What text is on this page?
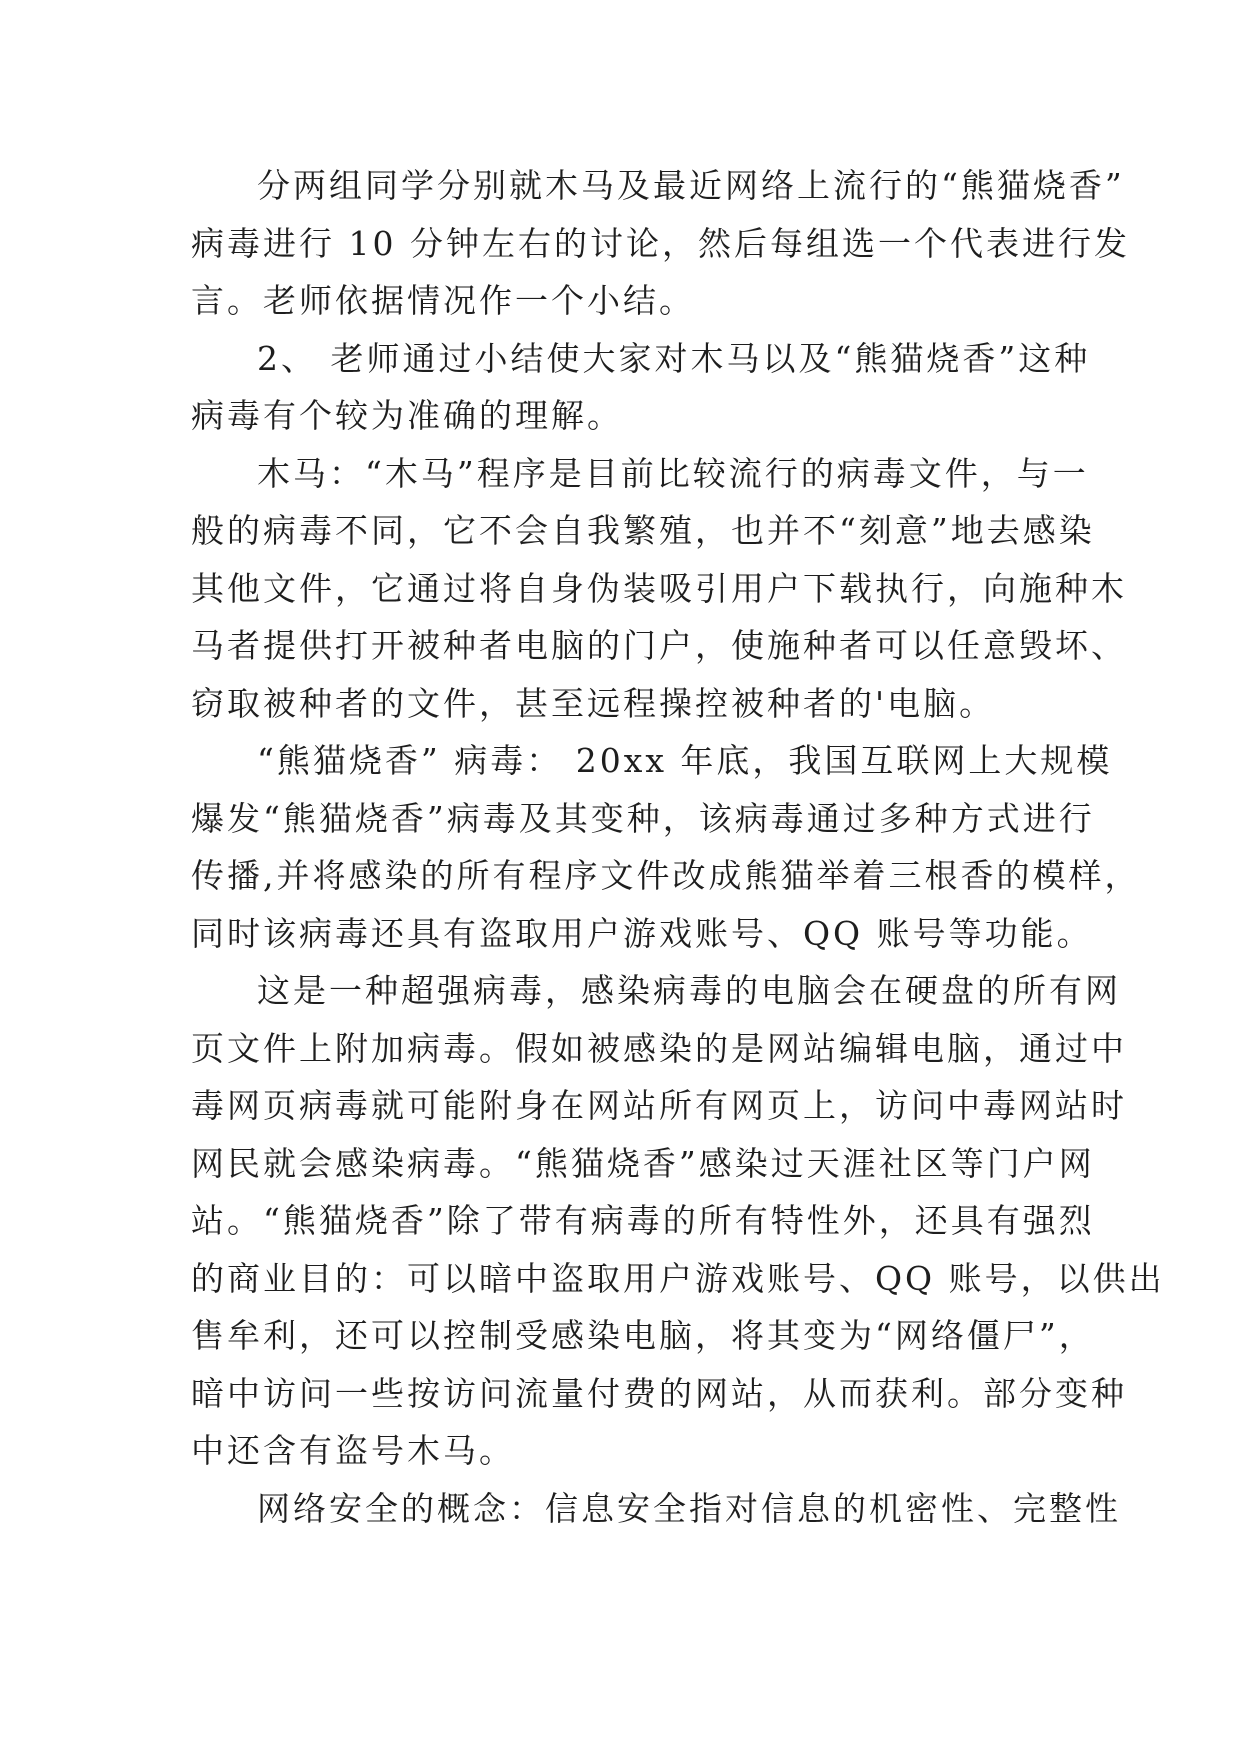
分两组同学分别就木马及最近网络上流行的“熊猫烧香”
病毒进行 10 分钟左右的讨论，然后每组选一个代表进行发
言。老师依据情况作一个小结。
2、 老师通过小结使大家对木马以及“熊猫烧香”这种
病毒有个较为准确的理解。
木马：“木马”程序是目前比较流行的病毒文件，与一
般的病毒不同，它不会自我繁殖，也并不“刻意”地去感染
其他文件，它通过将自身伪装吸引用户下载执行，向施种木
马者提供打开被种者电脑的门户，使施种者可以任意毁坏、
窃取被种者的文件，甚至远程操控被种者的'电脑。
“熊猫烧香” 病毒： 20xx 年底，我国互联网上大规模
爆发“熊猫烧香”病毒及其变种，该病毒通过多种方式进行
传播,并将感染的所有程序文件改成熊猫举着三根香的模样，
同时该病毒还具有盗取用户游戏账号、QQ 账号等功能。
这是一种超强病毒，感染病毒的电脑会在硬盘的所有网
页文件上附加病毒。假如被感染的是网站编辑电脑，通过中
毒网页病毒就可能附身在网站所有网页上，访问中毒网站时
网民就会感染病毒。“熊猫烧香”感染过天涯社区等门户网
站。“熊猫烧香”除了带有病毒的所有特性外，还具有强烈
的商业目的：可以暗中盗取用户游戏账号、QQ 账号，以供出
售牟利，还可以控制受感染电脑，将其变为“网络僵尸”，
暗中访问一些按访问流量付费的网站，从而获利。部分变种
中还含有盗号木马。
网络安全的概念：信息安全指对信息的机密性、完整性
